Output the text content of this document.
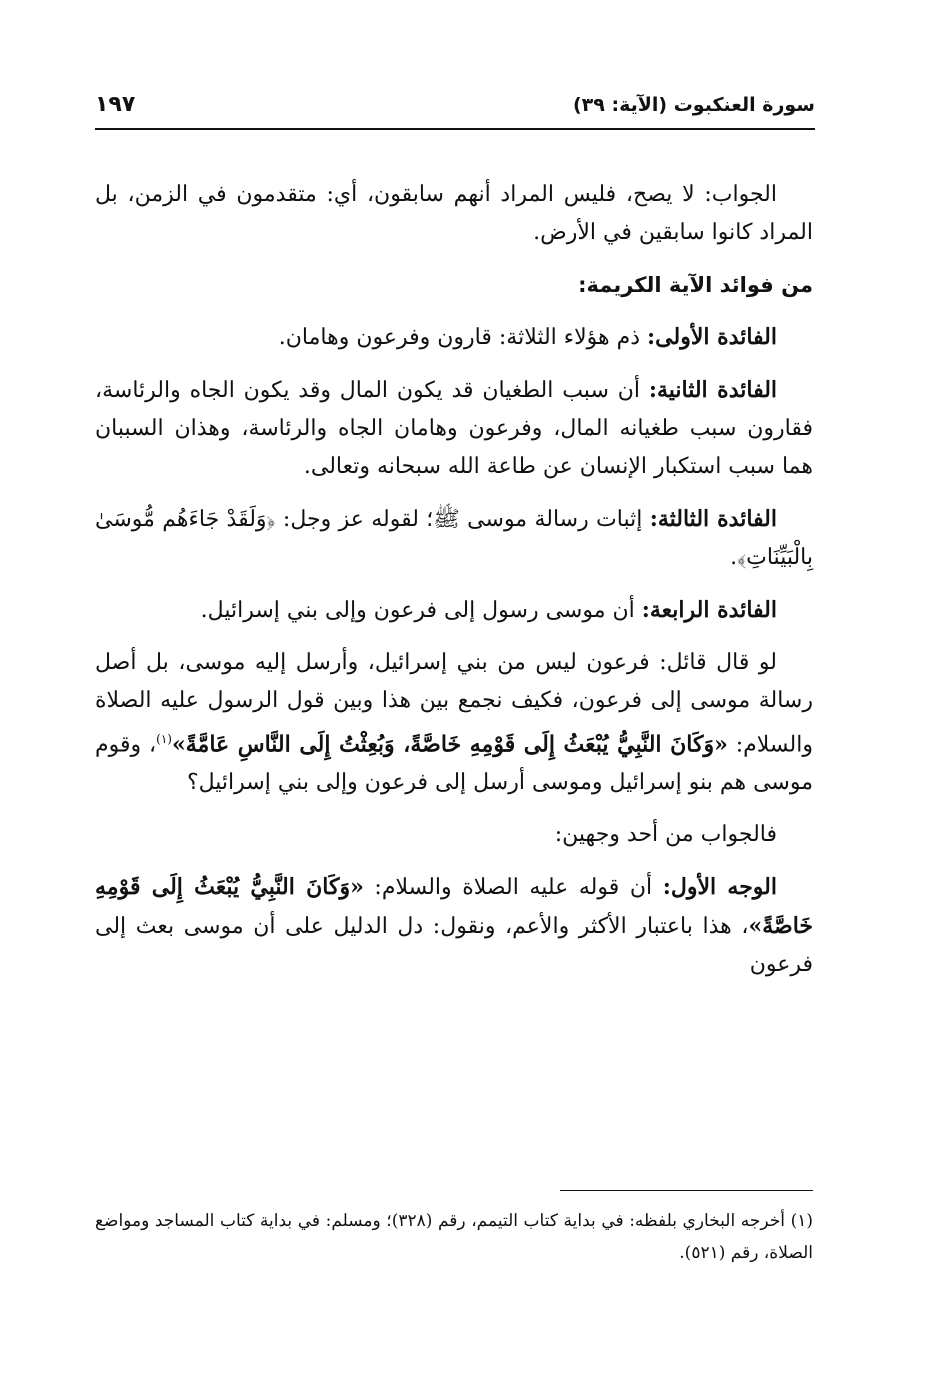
سورة العنكبوت (الآية: ٣٩)
١٩٧

الجواب: لا يصح، فليس المراد أنهم سابقون، أي: متقدمون في الزمن، بل المراد كانوا سابقين في الأرض.

من فوائد الآية الكريمة:

الفائدة الأولى: ذم هؤلاء الثلاثة: قارون وفرعون وهامان.

الفائدة الثانية: أن سبب الطغيان قد يكون المال وقد يكون الجاه والرئاسة، فقارون سبب طغيانه المال، وفرعون وهامان الجاه والرئاسة، وهذان السببان هما سبب استكبار الإنسان عن طاعة الله سبحانه وتعالى.

الفائدة الثالثة: إثبات رسالة موسى ﷺ؛ لقوله عز وجل: ﴿وَلَقَدْ جَاءَهُم مُّوسَىٰ بِالْبَيِّنَاتِ﴾.

الفائدة الرابعة: أن موسى رسول إلى فرعون وإلى بني إسرائيل.

لو قال قائل: فرعون ليس من بني إسرائيل، وأرسل إليه موسى، بل أصل رسالة موسى إلى فرعون، فكيف نجمع بين هذا وبين قول الرسول عليه الصلاة والسلام: «وَكَانَ النَّبِيُّ يُبْعَثُ إِلَى قَوْمِهِ خَاصَّةً، وَبُعِثْتُ إِلَى النَّاسِ عَامَّةً»$^{(١)}$، وقوم موسى هم بنو إسرائيل وموسى أرسل إلى فرعون وإلى بني إسرائيل؟

فالجواب من أحد وجهين:

الوجه الأول: أن قوله عليه الصلاة والسلام: «وَكَانَ النَّبِيُّ يُبْعَثُ إِلَى قَوْمِهِ خَاصَّةً»، هذا باعتبار الأكثر والأعم، ونقول: دل الدليل على أن موسى بعث إلى فرعون

(١) أخرجه البخاري بلفظه: في بداية كتاب التيمم، رقم (٣٢٨)؛ ومسلم: في بداية كتاب المساجد ومواضع الصلاة، رقم (٥٢١).
